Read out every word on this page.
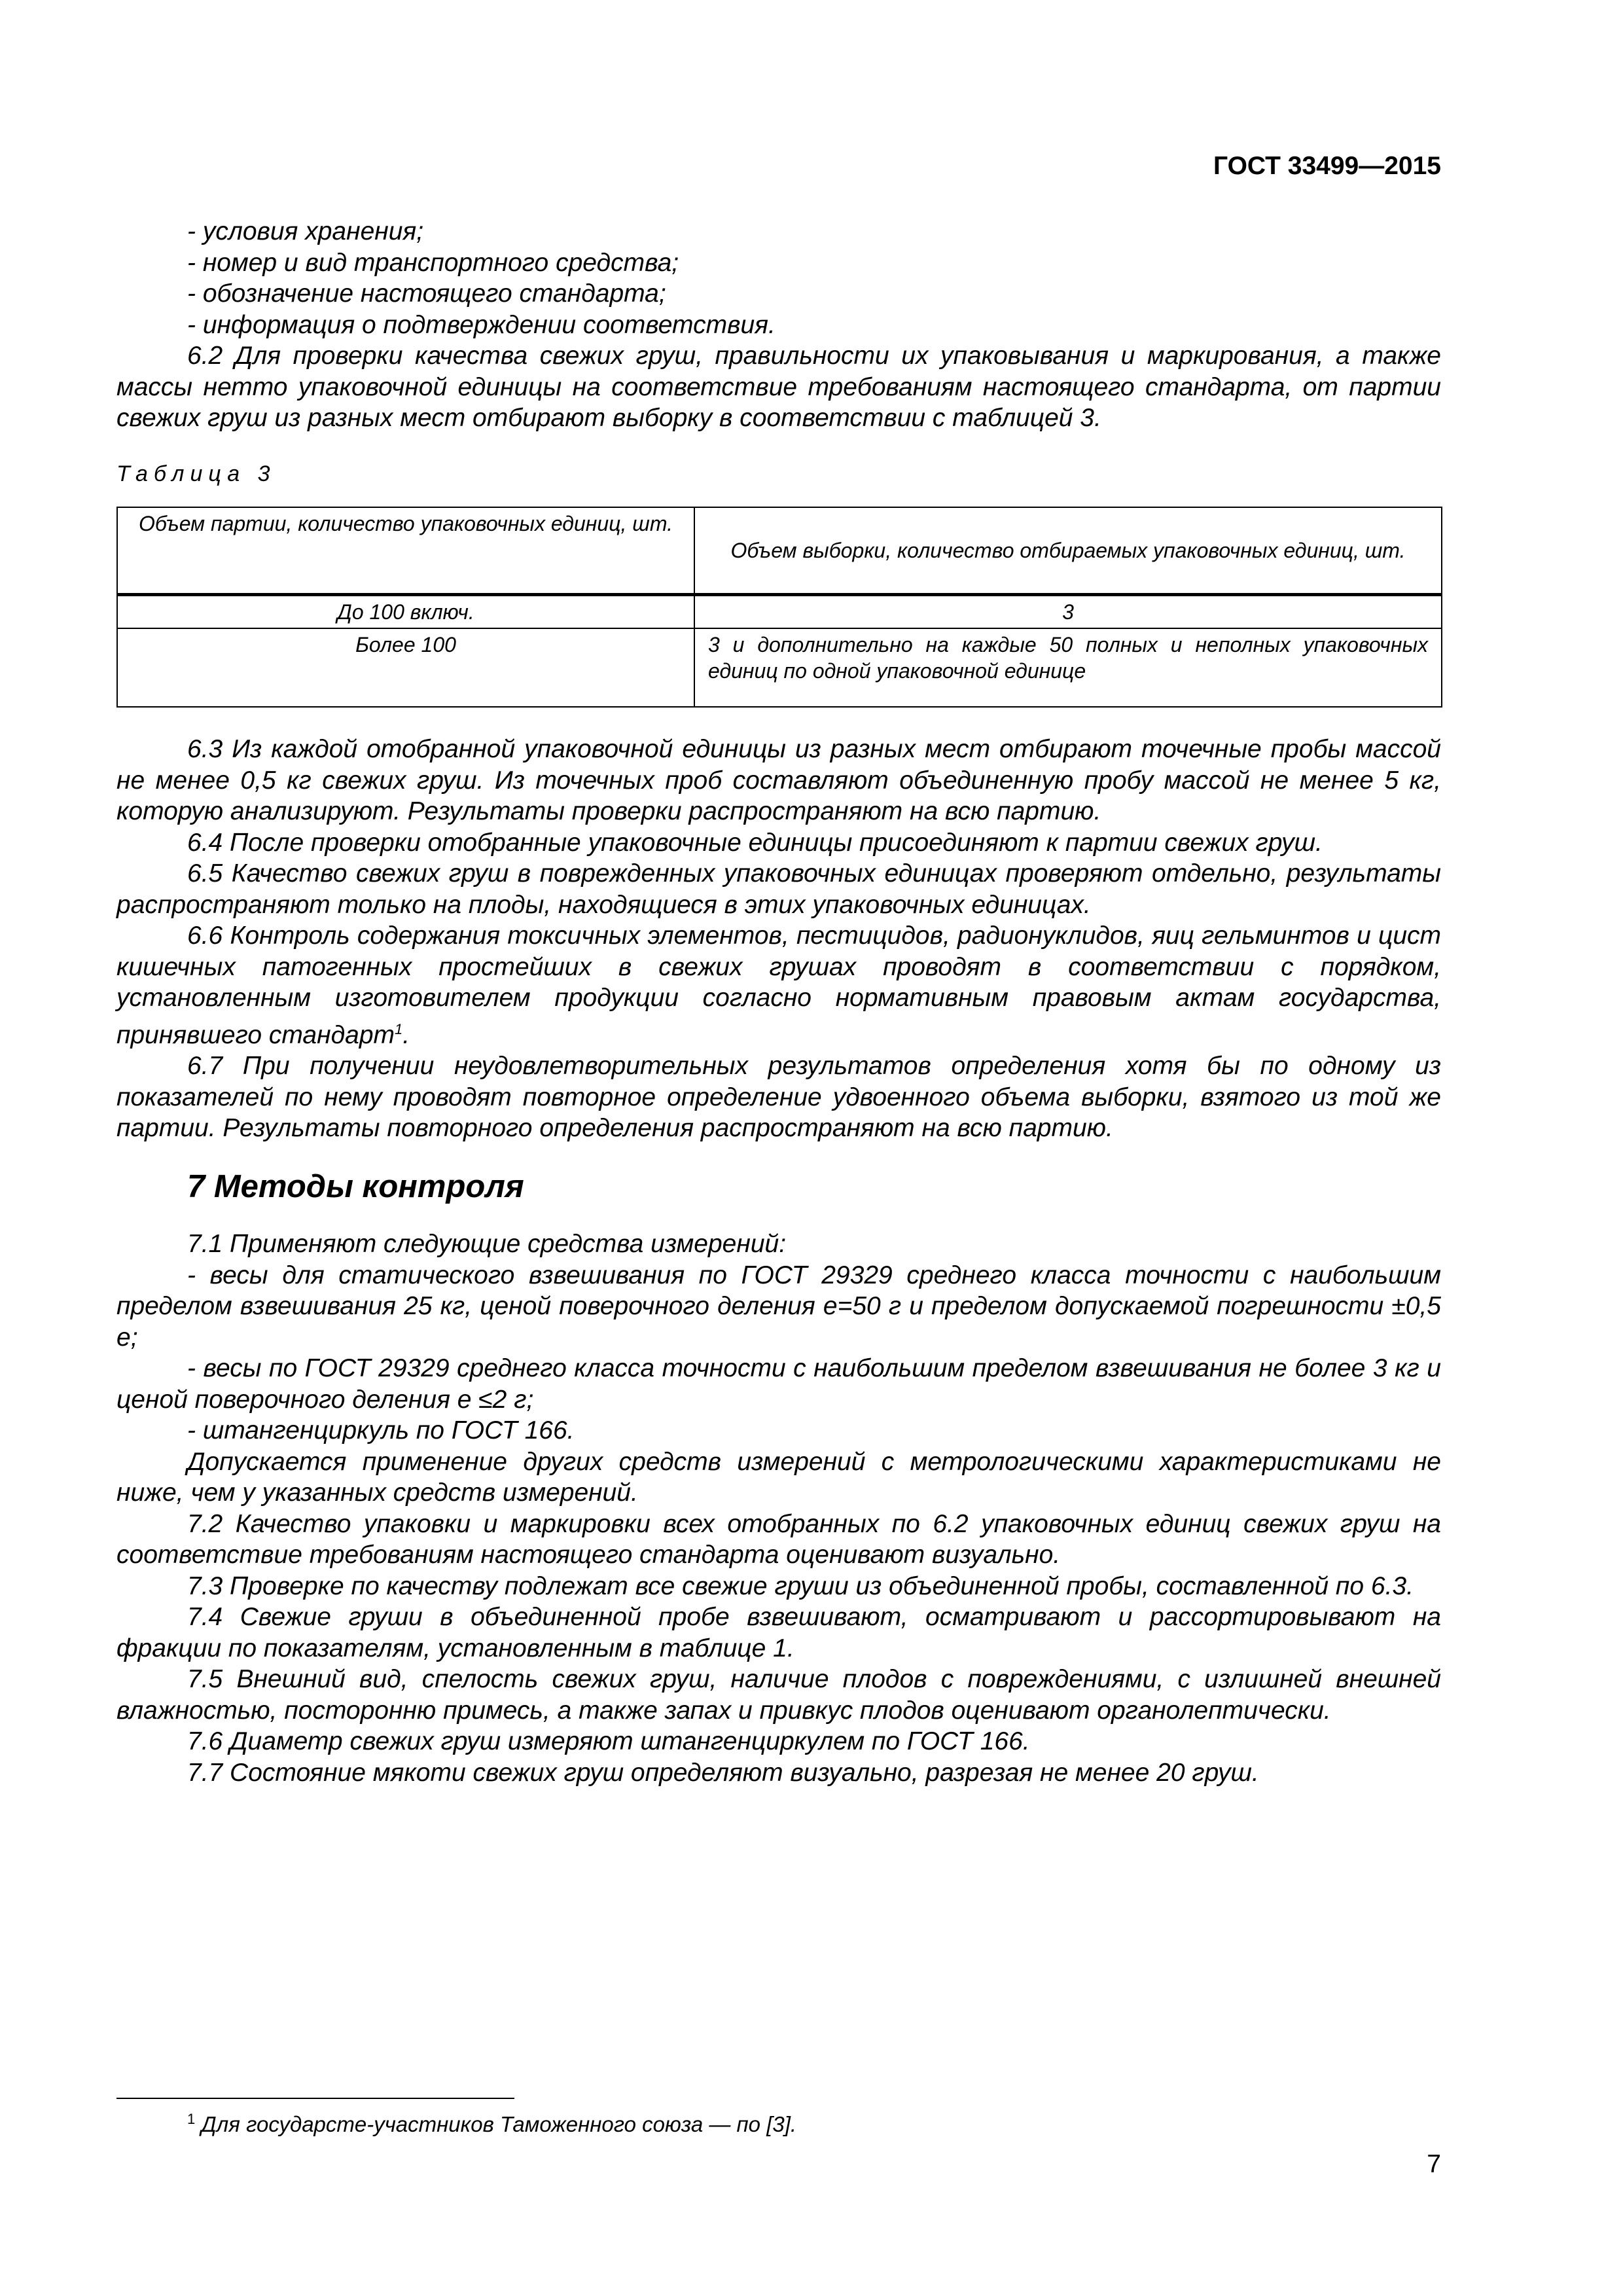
ГОСТ 33499—2015
- условия хранения;
- номер и вид транспортного средства;
- обозначение настоящего стандарта;
- информация о подтверждении соответствия.

6.2 Для проверки качества свежих груш, правильности их упаковывания и маркирования, а также массы нетто упаковочной единицы на соответствие требованиям настоящего стандарта, от партии свежих груш из разных мест отбирают выборку в соответствии с таблицей 3.

Таблица 3
Объем партии, количество упаковочных единиц, шт.	Объем выборки, количество отбираемых упаковочных единиц, шт.
До 100 включ.	3
Более 100	3 и дополнительно на каждые 50 полных и неполных упаковочных единиц по одной упаковочной единице

6.3 Из каждой отобранной упаковочной единицы из разных мест отбирают точечные пробы массой не менее 0,5 кг свежих груш. Из точечных проб составляют объединенную пробу массой не менее 5 кг, которую анализируют. Результаты проверки распространяют на всю партию.

6.4 После проверки отобранные упаковочные единицы присоединяют к партии свежих груш.

6.5 Качество свежих груш в поврежденных упаковочных единицах проверяют отдельно, результаты распространяют только на плоды, находящиеся в этих упаковочных единицах.

6.6 Контроль содержания токсичных элементов, пестицидов, радионуклидов, яиц гельминтов и цист кишечных патогенных простейших в свежих грушах проводят в соответствии с порядком, установленным изготовителем продукции согласно нормативным правовым актам государства, принявшего стандарт$^1$.

6.7 При получении неудовлетворительных результатов определения хотя бы по одному из показателей по нему проводят повторное определение удвоенного объема выборки, взятого из той же партии. Результаты повторного определения распространяют на всю партию.

7 Методы контроля

7.1 Применяют следующие средства измерений:

- весы для статического взвешивания по ГОСТ 29329 среднего класса точности с наибольшим пределом взвешивания 25 кг, ценой поверочного деления е=50 г и пределом допускаемой погрешности ±0,5 е;

- весы по ГОСТ 29329 среднего класса точности с наибольшим пределом взвешивания не более 3 кг и ценой поверочного деления е ≤2 г;

- штангенциркуль по ГОСТ 166.

Допускается применение других средств измерений с метрологическими характеристиками не ниже, чем у указанных средств измерений.

7.2 Качество упаковки и маркировки всех отобранных по 6.2 упаковочных единиц свежих груш на соответствие требованиям настоящего стандарта оценивают визуально.

7.3 Проверке по качеству подлежат все свежие груши из объединенной пробы, составленной по 6.3.

7.4 Свежие груши в объединенной пробе взвешивают, осматривают и рассортировывают на фракции по показателям, установленным в таблице 1.

7.5 Внешний вид, спелость свежих груш, наличие плодов с повреждениями, с излишней внешней влажностью, посторонню примесь, а также запах и привкус плодов оценивают органолептически.

7.6 Диаметр свежих груш измеряют штангенциркулем по ГОСТ 166.

7.7 Состояние мякоти свежих груш определяют визуально, разрезая не менее 20 груш.

$^1$ Для государсте-участников Таможенного союза — по [3].
7
